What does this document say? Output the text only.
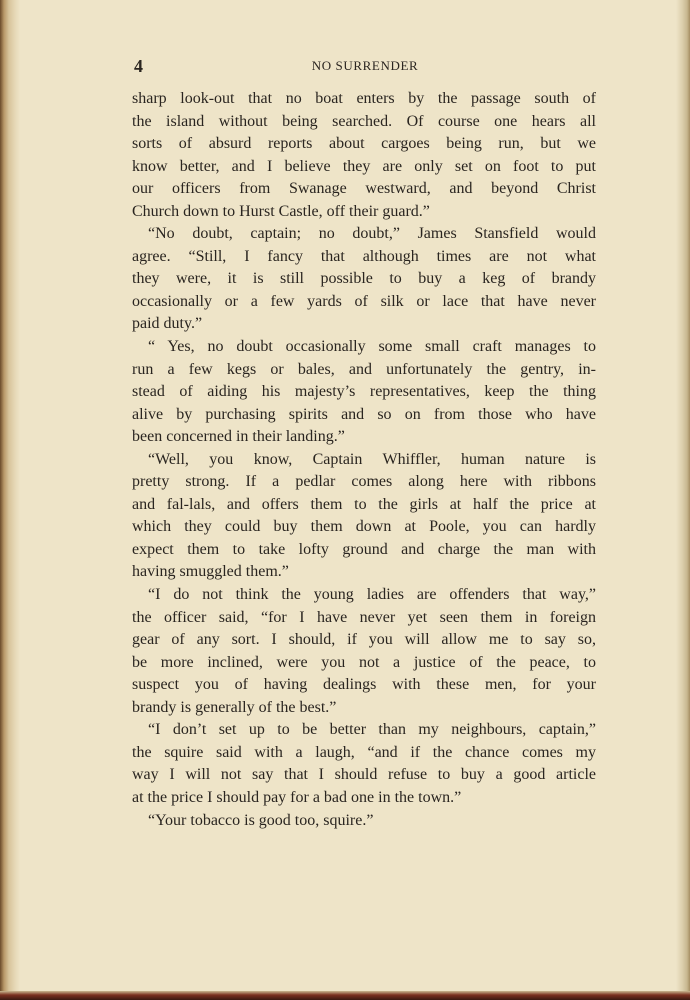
4	NO SURRENDER
sharp look-out that no boat enters by the passage south of
the island without being searched. Of course one hears all
sorts of absurd reports about cargoes being run, but we
know better, and I believe they are only set on foot to put
our officers from Swanage westward, and beyond Christ
Church down to Hurst Castle, off their guard.”
“No doubt, captain; no doubt,” James Stansfield would
agree. “Still, I fancy that although times are not what
they were, it is still possible to buy a keg of brandy
occasionally or a few yards of silk or lace that have never
paid duty.”
“ Yes, no doubt occasionally some small craft manages to
run a few kegs or bales, and unfortunately the gentry, in-
stead of aiding his majesty’s representatives, keep the thing
alive by purchasing spirits and so on from those who have
been concerned in their landing.”
“Well, you know, Captain Whiffler, human nature is
pretty strong. If a pedlar comes along here with ribbons
and fal-lals, and offers them to the girls at half the price at
which they could buy them down at Poole, you can hardly
expect them to take lofty ground and charge the man with
having smuggled them.”
“I do not think the young ladies are offenders that way,”
the officer said, “for I have never yet seen them in foreign
gear of any sort. I should, if you will allow me to say so,
be more inclined, were you not a justice of the peace, to
suspect you of having dealings with these men, for your
brandy is generally of the best.”
“I don’t set up to be better than my neighbours, captain,”
the squire said with a laugh, “and if the chance comes my
way I will not say that I should refuse to buy a good article
at the price I should pay for a bad one in the town.”
“Your tobacco is good too, squire.”
